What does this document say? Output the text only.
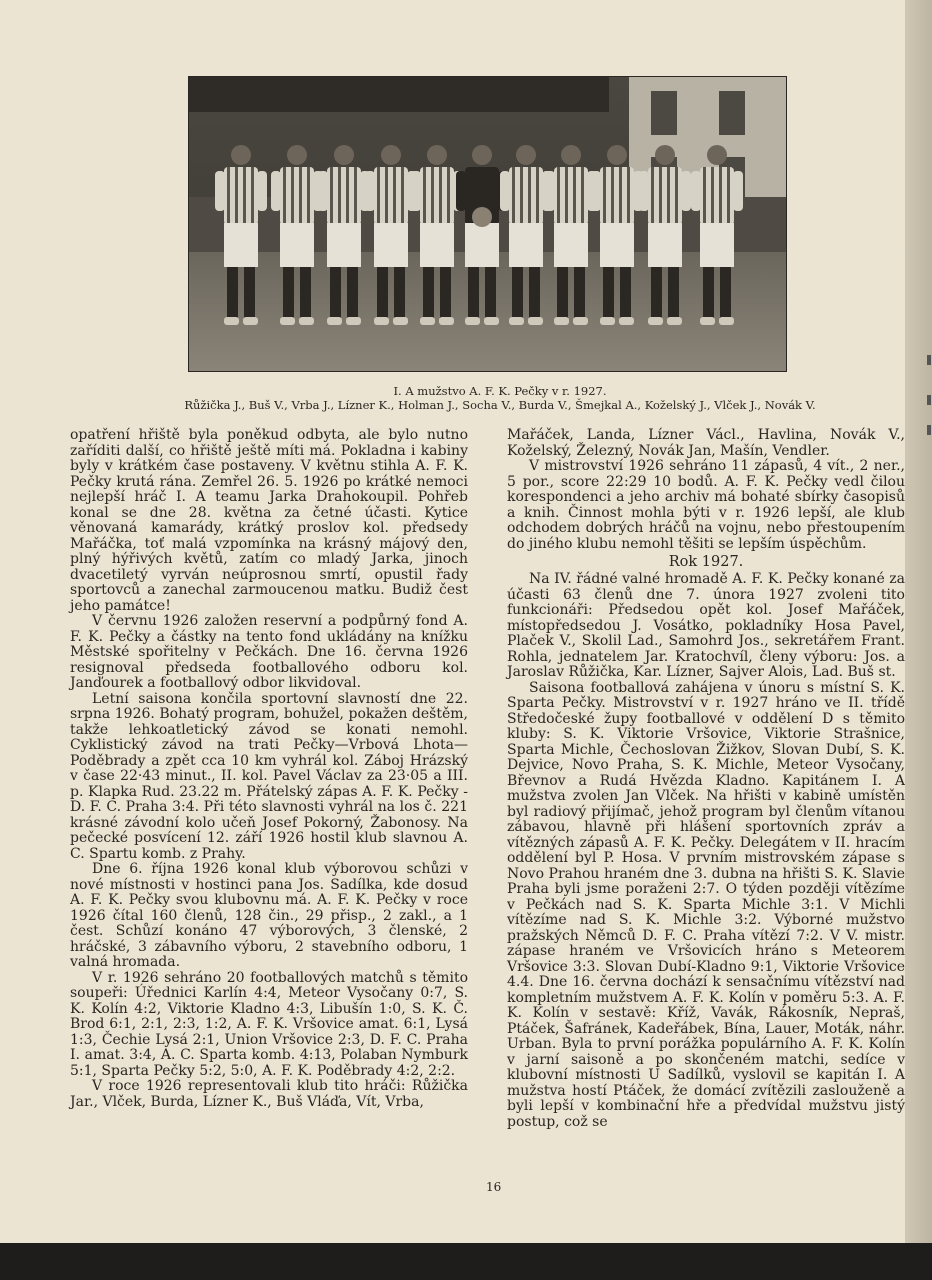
I. A mužstvo A. F. K. Pečky v r. 1927.
Růžička J., Buš V., Vrba J., Lízner K., Holman J., Socha V., Burda V., Šmejkal A., Koželský J., Vlček J., Novák V.

opatření hřiště byla poněkud odbyta, ale bylo nutno zaříditi další, co hřiště ještě míti má. Pokladna i kabiny byly v krátkém čase postaveny. V květnu stihla A. F. K. Pečky krutá rána. Zemřel 26. 5. 1926 po krátké nemoci nejlepší hráč I. A teamu Jarka Drahokoupil. Pohřeb konal se dne 28. května za četné účasti. Kytice věnovaná kamarády, krátký proslov kol. předsedy Mařáčka, toť malá vzpomínka na krásný májový den, plný hýřivých květů, zatím co mladý Jarka, jinoch dvacetiletý vyrván neúprosnou smrtí, opustil řady sportovců a zanechal zarmoucenou matku. Budiž čest jeho památce!

V červnu 1926 založen reservní a podpůrný fond A. F. K. Pečky a částky na tento fond ukládány na knížku Městské spořitelny v Pečkách. Dne 16. června 1926 resignoval předseda footballového odboru kol. Janďourek a footballový odbor likvidoval.

Letní saisona končila sportovní slavností dne 22. srpna 1926. Bohatý program, bohužel, pokažen deštěm, takže lehkoatletický závod se konati nemohl. Cyklistický závod na trati Pečky—Vrbová Lhota—Poděbrady a zpět cca 10 km vyhrál kol. Záboj Hrázský v čase 22·43 minut., II. kol. Pavel Václav za 23·05 a III. p. Klapka Rud. 23.22 m. Přátelský zápas A. F. K. Pečky - D. F. C. Praha 3:4. Při této slavnosti vyhrál na los č. 221 krásné závodní kolo učeň Josef Pokorný, Žabonosy. Na pečecké posvícení 12. září 1926 hostil klub slavnou A. C. Spartu komb. z Prahy.

Dne 6. října 1926 konal klub výborovou schůzi v nové místnosti v hostinci pana Jos. Sadílka, kde dosud A. F. K. Pečky svou klubovnu má. A. F. K. Pečky v roce 1926 čítal 160 členů, 128 čin., 29 přisp., 2 zakl., a 1 čest. Schůzí konáno 47 výborových, 3 členské, 2 hráčské, 3 zábavního výboru, 2 stavebního odboru, 1 valná hromada.

V r. 1926 sehráno 20 footballových matchů s těmito soupeři: Úřednici Karlín 4:4, Meteor Vysočany 0:7, S. K. Kolín 4:2, Viktorie Kladno 4:3, Libušín 1:0, S. K. Č. Brod 6:1, 2:1, 2:3, 1:2, A. F. K. Vršovice amat. 6:1, Lysá 1:3, Čechie Lysá 2:1, Union Vršovice 2:3, D. F. C. Praha I. amat. 3:4, A. C. Sparta komb. 4:13, Polaban Nymburk 5:1, Sparta Pečky 5:2, 5:0, A. F. K. Poděbrady 4:2, 2:2.

V roce 1926 representovali klub tito hráči: Růžička Jar., Vlček, Burda, Lízner K., Buš Vláďa, Vít, Vrba,

Mařáček, Landa, Lízner Václ., Havlina, Novák V., Koželský, Železný, Novák Jan, Mašín, Vendler.

V mistrovství 1926 sehráno 11 zápasů, 4 vít., 2 ner., 5 por., score 22:29 10 bodů. A. F. K. Pečky vedl čilou korespondenci a jeho archiv má bohaté sbírky časopisů a knih. Činnost mohla býti v r. 1926 lepší, ale klub odchodem dobrých hráčů na vojnu, nebo přestoupením do jiného klubu nemohl těšiti se lepším úspěchům.

Rok 1927.

Na IV. řádné valné hromadě A. F. K. Pečky konané za účasti 63 členů dne 7. února 1927 zvoleni tito funkcionáři: Předsedou opět kol. Josef Mařáček, místopředsedou J. Vosátko, pokladníky Hosa Pavel, Plaček V., Skolil Lad., Samohrd Jos., sekretářem Frant. Rohla, jednatelem Jar. Kratochvíl, členy výboru: Jos. a Jaroslav Růžička, Kar. Lízner, Sajver Alois, Lad. Buš st.

Saisona footballová zahájena v únoru s místní S. K. Sparta Pečky. Mistrovství v r. 1927 hráno ve II. třídě Středočeské župy footballové v oddělení D s těmito kluby: S. K. Viktorie Vršovice, Viktorie Strašnice, Sparta Michle, Čechoslovan Žižkov, Slovan Dubí, S. K. Dejvice, Novo Praha, S. K. Michle, Meteor Vysočany, Břevnov a Rudá Hvězda Kladno. Kapitánem I. A mužstva zvolen Jan Vlček. Na hřišti v kabině umístěn byl radiový přijímač, jehož program byl členům vítanou zábavou, hlavně při hlášení sportovních zpráv a vítězných zápasů A. F. K. Pečky. Delegátem v II. hracím oddělení byl P. Hosa. V prvním mistrovském zápase s Novo Prahou hraném dne 3. dubna na hřišti S. K. Slavie Praha byli jsme poraženi 2:7. O týden později vítězíme v Pečkách nad S. K. Sparta Michle 3:1. V Michli vítězíme nad S. K. Michle 3:2. Výborné mužstvo pražských Němců D. F. C. Praha vítězí 7:2. V V. mistr. zápase hraném ve Vršovicích hráno s Meteorem Vršovice 3:3. Slovan Dubí-Kladno 9:1, Viktorie Vršovice 4.4. Dne 16. června dochází k sensačnímu vítězství nad kompletním mužstvem A. F. K. Kolín v poměru 5:3. A. F. K. Kolín v sestavě: Kříž, Vavák, Rákosník, Nepraš, Ptáček, Šafránek, Kadeřábek, Bína, Lauer, Moták, náhr. Urban. Byla to první porážka populárního A. F. K. Kolín v jarní saisoně a po skončeném matchi, sedíce v klubovní místnosti U Sadílků, vyslovil se kapitán I. A mužstva hostí Ptáček, že domácí zvítězili zaslouženě a byli lepší v kombinační hře a předvídal mužstvu jistý postup, což se

16
